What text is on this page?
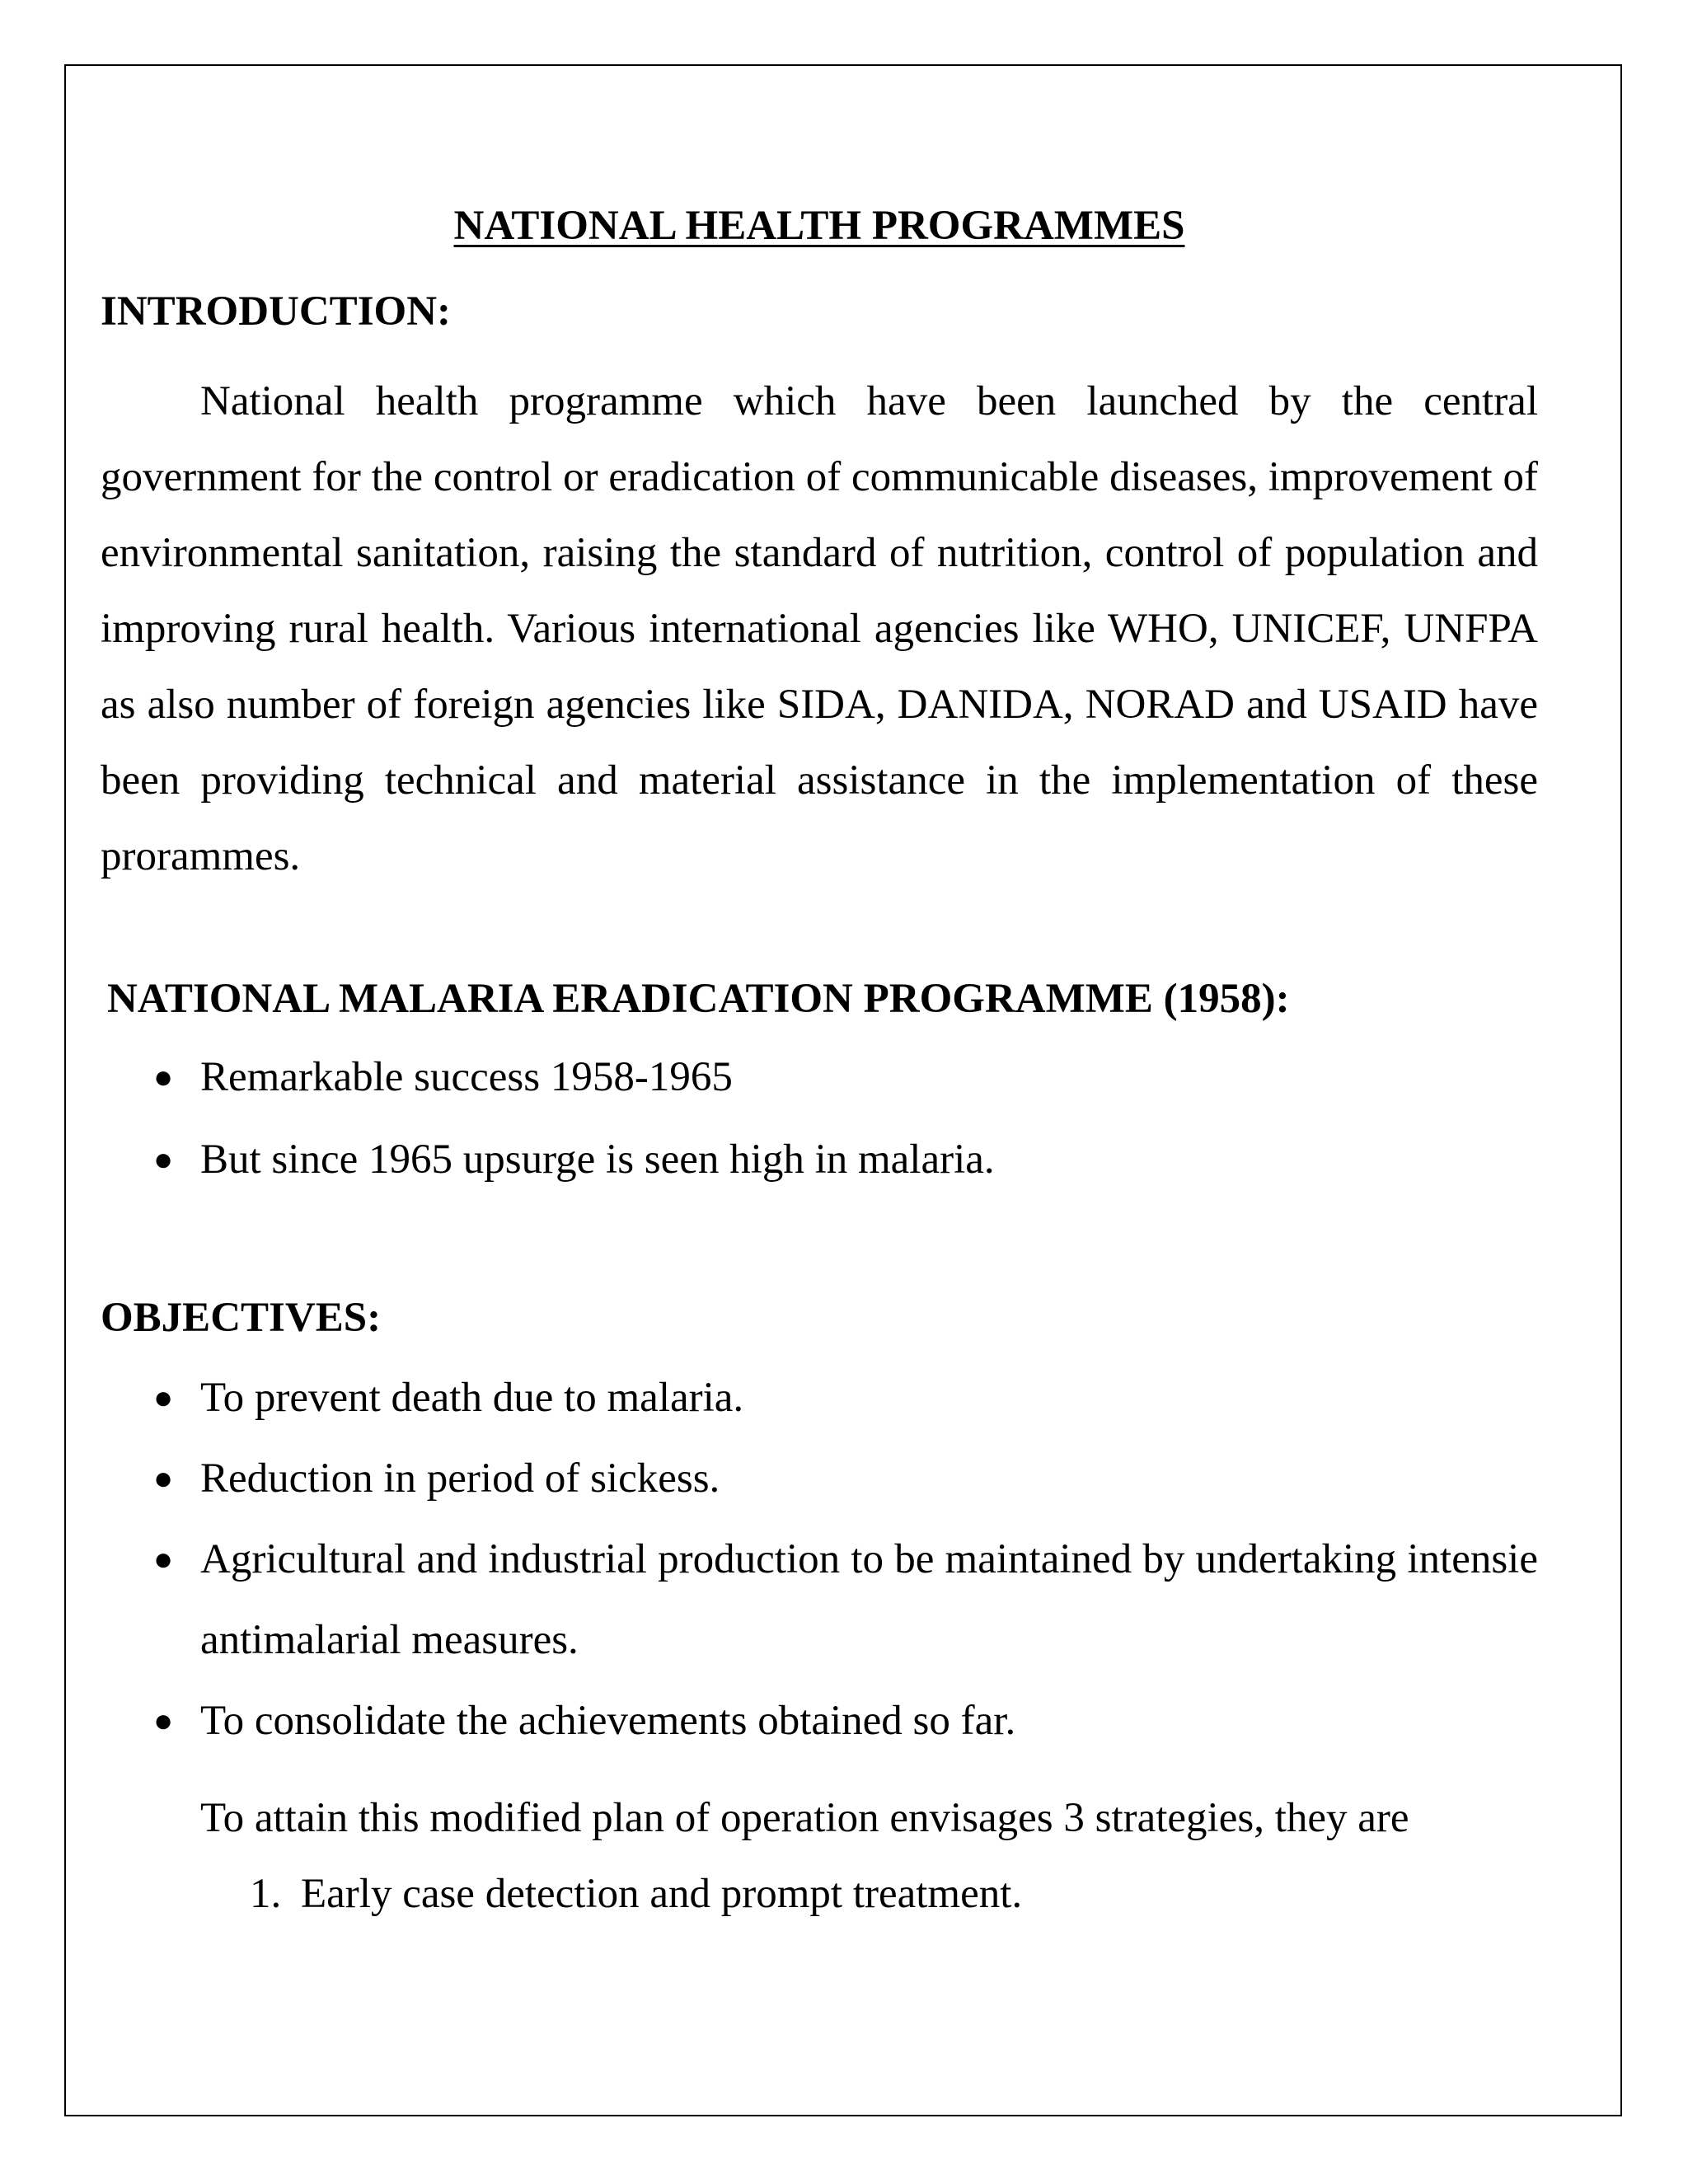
NATIONAL HEALTH PROGRAMMES
INTRODUCTION:
National health programme which have been launched by the central government for the control or eradication of communicable diseases, improvement of environmental sanitation, raising the standard of nutrition, control of population and improving rural health. Various international agencies like WHO, UNICEF, UNFPA as also number of foreign agencies like SIDA, DANIDA, NORAD and USAID have been providing technical and material assistance in the implementation of these prorammes.
NATIONAL MALARIA ERADICATION PROGRAMME (1958):
● Remarkable success 1958-1965
● But since 1965 upsurge is seen high in malaria.
OBJECTIVES:
● To prevent death due to malaria.
● Reduction in period of sickess.
● Agricultural and industrial production to be maintained by undertaking intensie antimalarial measures.
● To consolidate the achievements obtained so far.
To attain this modified plan of operation envisages 3 strategies, they are
1. Early case detection and prompt treatment.
